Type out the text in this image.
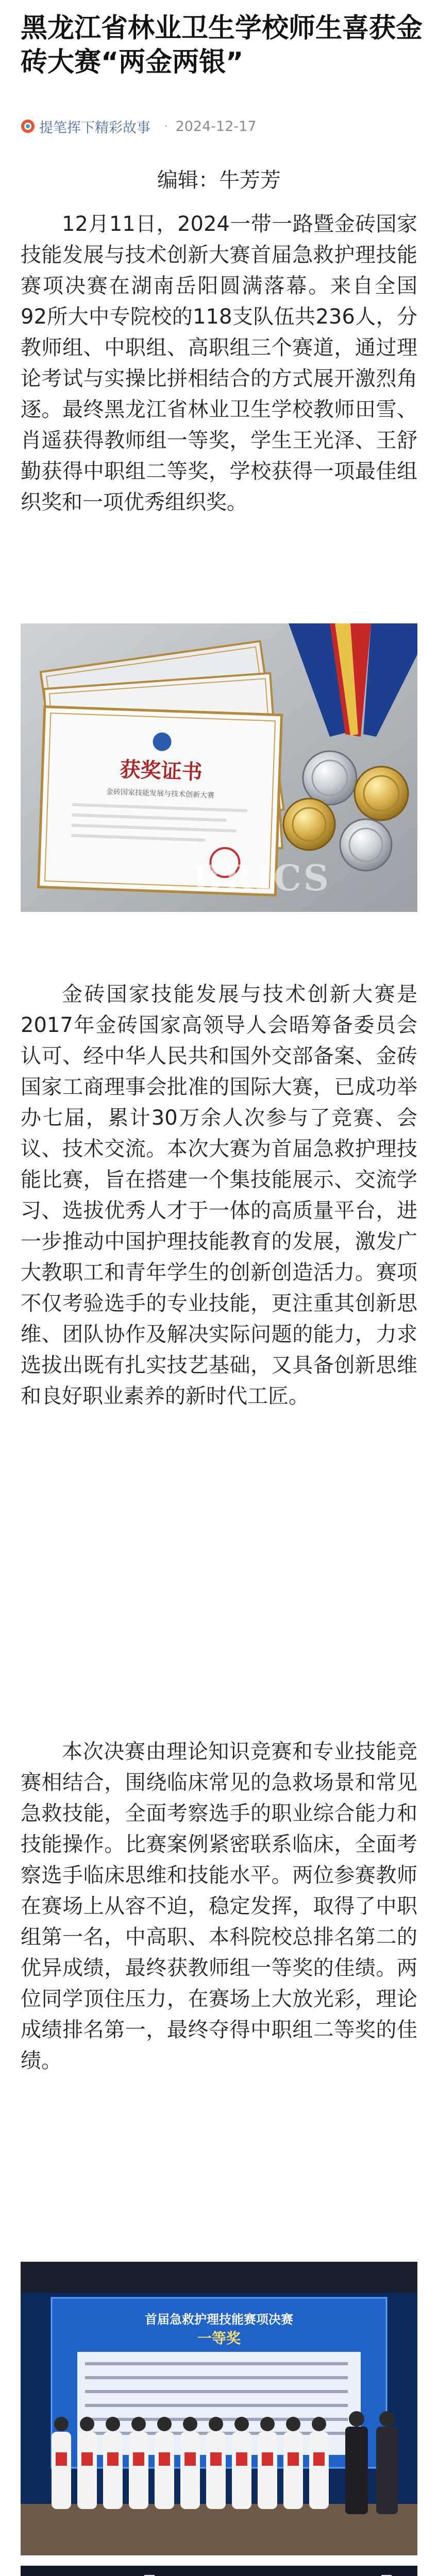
黑龙江省林业卫生学校师生喜获金砖大赛“两金两银”
提笔挥下精彩故事 · 2024-12-17
编辑：牛芳芳

12月11日，2024一带一路暨金砖国家技能发展与技术创新大赛首届急救护理技能赛项决赛在湖南岳阳圆满落幕。来自全国92所大中专院校的118支队伍共236人，分教师组、中职组、高职组三个赛道，通过理论考试与实操比拼相结合的方式展开激烈角逐。最终黑龙江省林业卫生学校教师田雪、肖遥获得教师组一等奖，学生王光泽、王舒勤获得中职组二等奖，学校获得一项最佳组织奖和一项优秀组织奖。

获奖证书
金砖国家技能发展与技术创新大赛
BRICS

金砖国家技能发展与技术创新大赛是2017年金砖国家高领导人会晤筹备委员会认可、经中华人民共和国外交部备案、金砖国家工商理事会批准的国际大赛，已成功举办七届，累计30万余人次参与了竞赛、会议、技术交流。本次大赛为首届急救护理技能比赛，旨在搭建一个集技能展示、交流学习、选拔优秀人才于一体的高质量平台，进一步推动中国护理技能教育的发展，激发广大教职工和青年学生的创新创造活力。赛项不仅考验选手的专业技能，更注重其创新思维、团队协作及解决实际问题的能力，力求选拔出既有扎实技艺基础，又具备创新思维和良好职业素养的新时代工匠。

本次决赛由理论知识竞赛和专业技能竞赛相结合，围绕临床常见的急救场景和常见急救技能，全面考察选手的职业综合能力和技能操作。比赛案例紧密联系临床，全面考察选手临床思维和技能水平。两位参赛教师在赛场上从容不迫，稳定发挥，取得了中职组第一名，中高职、本科院校总排名第二的优异成绩，最终获教师组一等奖的佳绩。两位同学顶住压力，在赛场上大放光彩，理论成绩排名第一，最终夺得中职组二等奖的佳绩。

首届急救护理技能赛项决赛
一等奖
